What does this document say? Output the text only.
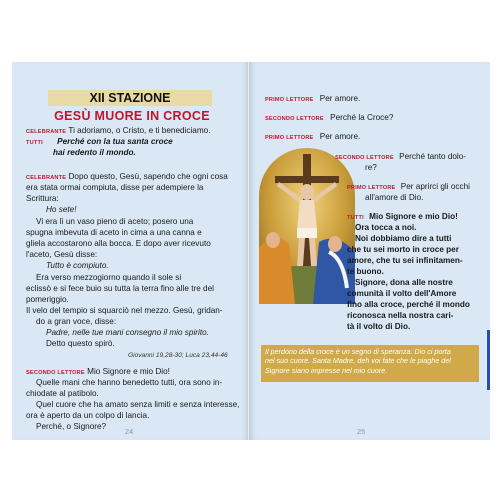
XII STAZIONE
GESÙ MUORE IN CROCE
CELEBRANTE Ti adoriamo, o Cristo, e ti benediciamo.
TUTTI Perché con la tua santa croce
hai redento il mondo.
CELEBRANTE Dopo questo, Gesù, sapendo che ogni cosa
era stata ormai compiuta, disse per adempiere la
Scrittura:
Ho sete!
Vi era lì un vaso pieno di aceto; posero una
spugna imbevuta di aceto in cima a una canna e
gliela accostarono alla bocca. E dopo aver ricevuto
l'aceto, Gesù disse:
Tutto è compiuto.
Era verso mezzogiorno quando il sole si
eclissò e si fece buio su tutta la terra fino alle tre del
pomeriggio.
Il velo del tempio si squarciò nel mezzo. Gesù, gridan-
do a gran voce, disse:
Padre, nelle tue mani consegno il mio spirito.
Detto questo spirò.
Giovanni 19,28-30; Luca 23,44-46
SECONDO LETTORE Mio Signore e mio Dio!
Quelle mani che hanno benedetto tutti, ora sono in-
chiodate al patibolo.
Quel cuore che ha amato senza limiti e senza interesse,
ora è aperto da un colpo di lancia.
Perché, o Signore?
24
PRIMO LETTORE Per amore.
SECONDO LETTORE Perché la Croce?
PRIMO LETTORE Per amore.
SECONDO LETTORE Perché tanto dolo-
re?
PRIMO LETTORE Per aprirci gli occhi
all'amore di Dio.
TUTTI Mio Signore e mio Dio!
Ora tocca a noi.
Noi dobbiamo dire a tutti
che tu sei morto in croce per
amore, che tu sei infinitamen-
te buono.
Signore, dona alle nostre
comunità il volto dell'Amore
fino alla croce, perché il mondo
riconosca nella nostra cari-
tà il volto di Dio.
Il perdono della croce è un segno di speranza: Dio ci porta
nel suo cuore. Santa Madre, deh voi fate che le piaghe del
Signore siano impresse nel mio cuore.
25
